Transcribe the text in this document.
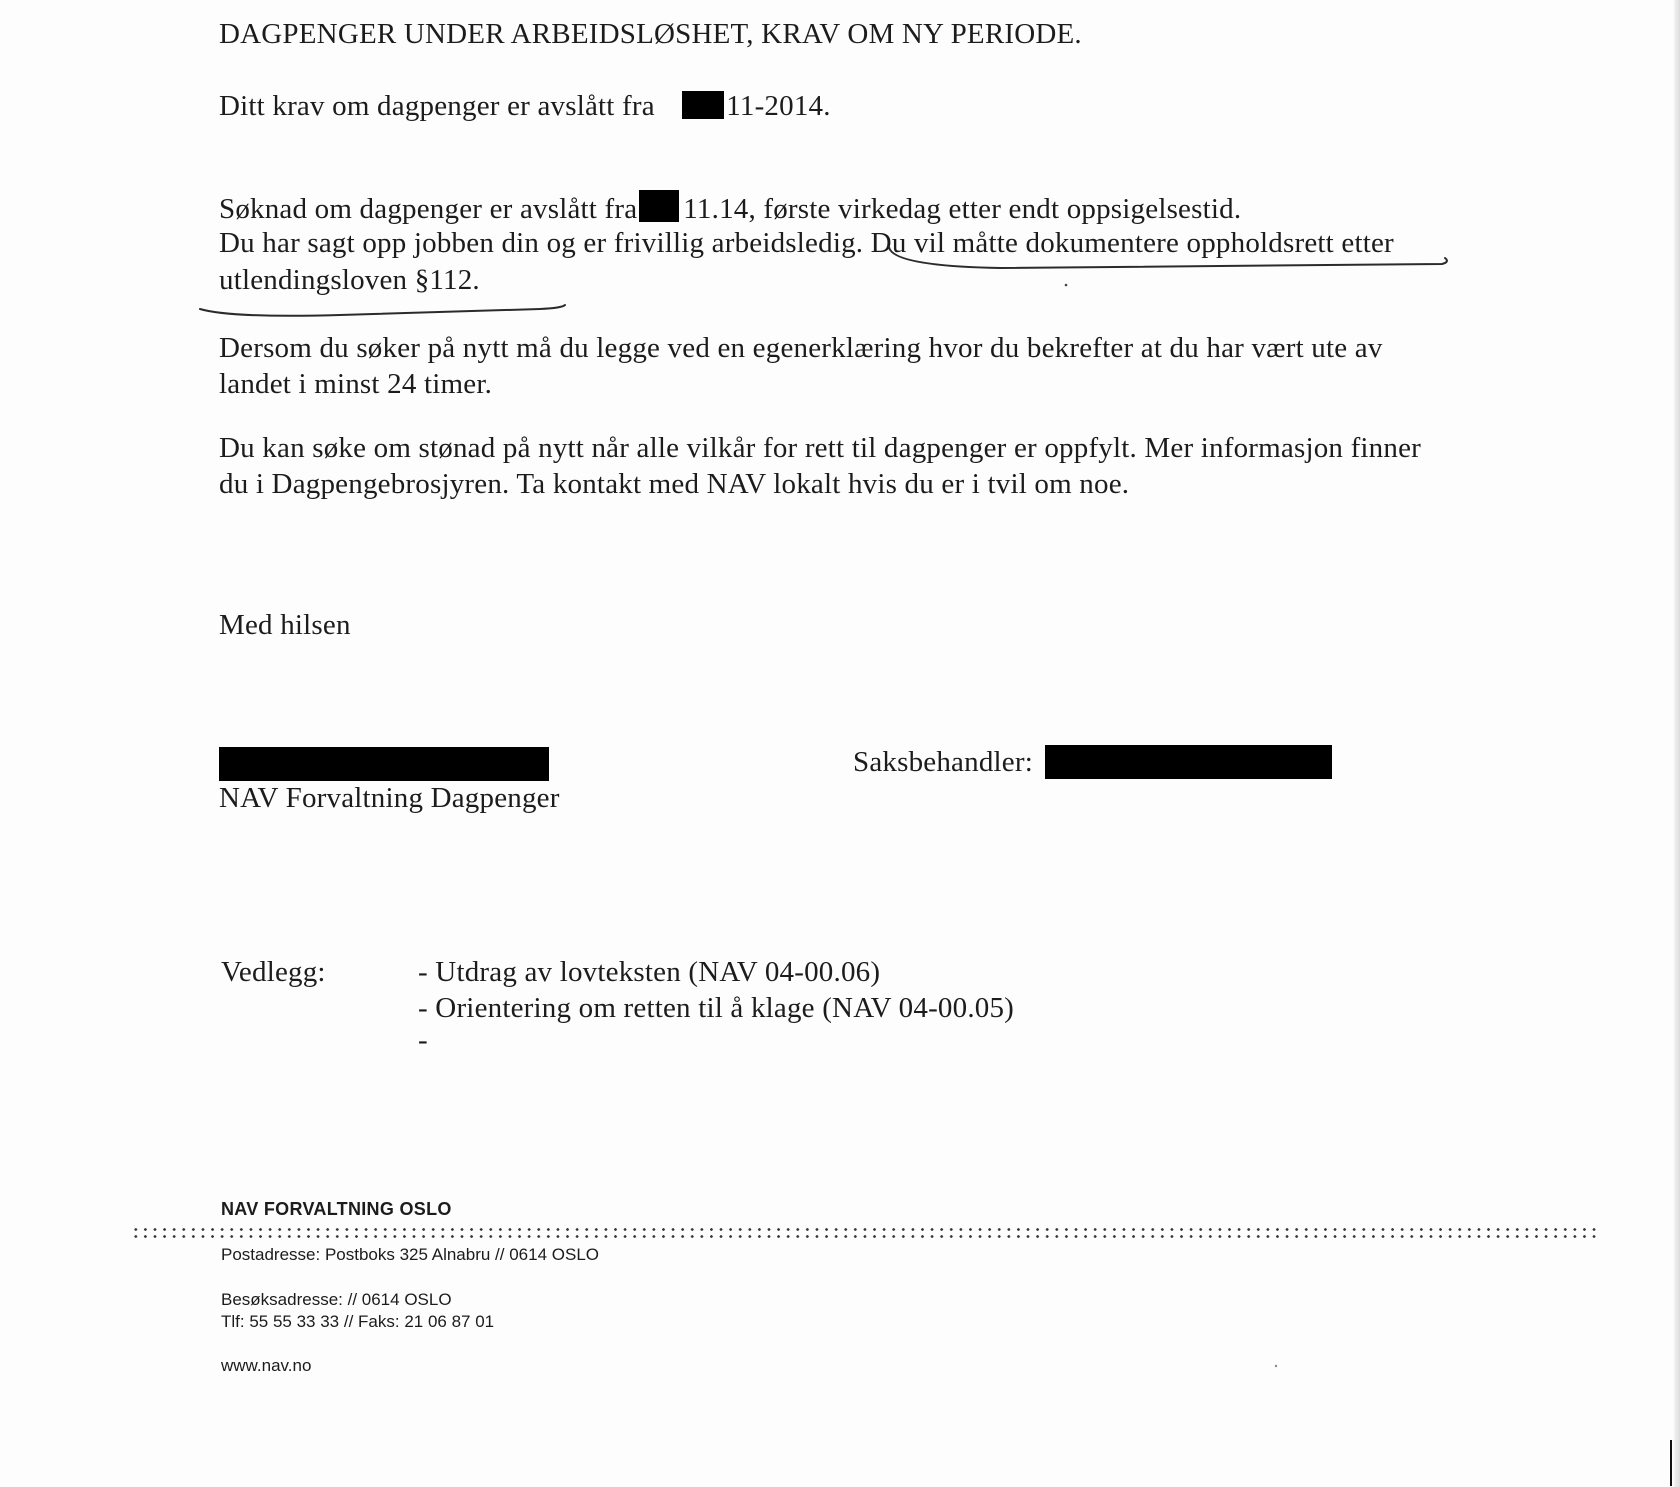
DAGPENGER UNDER ARBEIDSLØSHET, KRAV OM NY PERIODE.
Ditt krav om dagpenger er avslått fra 11-2014.
Søknad om dagpenger er avslått fra 11.14, første virkedag etter endt oppsigelsestid.
Du har sagt opp jobben din og er frivillig arbeidsledig. Du vil måtte dokumentere oppholdsrett etter
utlendingsloven §112.
Dersom du søker på nytt må du legge ved en egenerklæring hvor du bekrefter at du har vært ute av
landet i minst 24 timer.
Du kan søke om stønad på nytt når alle vilkår for rett til dagpenger er oppfylt. Mer informasjon finner
du i Dagpengebrosjyren. Ta kontakt med NAV lokalt hvis du er i tvil om noe.
Med hilsen
NAV Forvaltning Dagpenger
Saksbehandler:
Vedlegg:	- Utdrag av lovteksten (NAV 04-00.06)
- Orientering om retten til å klage (NAV 04-00.05)
-
NAV FORVALTNING OSLO
Postadresse: Postboks 325 Alnabru // 0614 OSLO
Besøksadresse: // 0614 OSLO
Tlf: 55 55 33 33 // Faks: 21 06 87 01
www.nav.no
